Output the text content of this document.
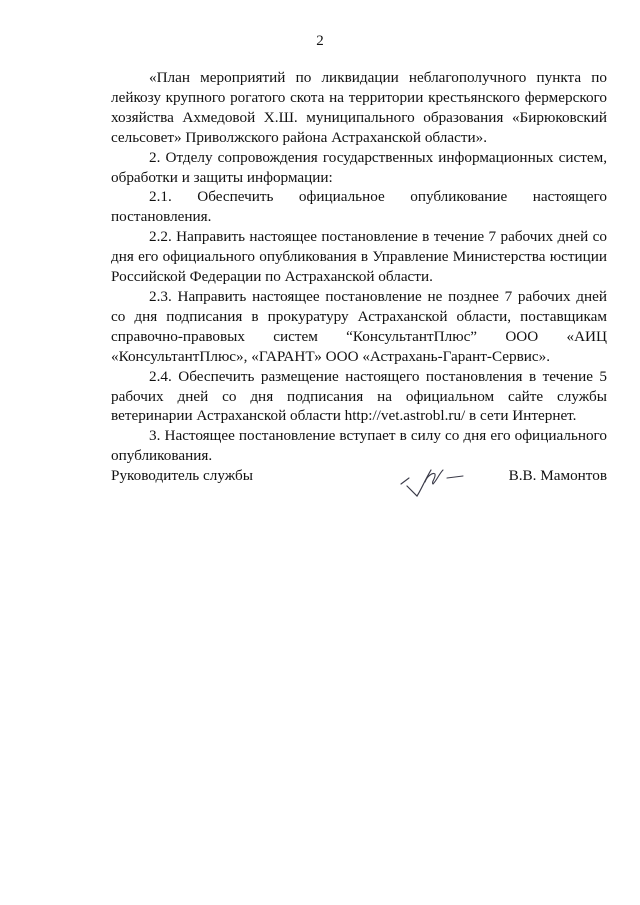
2

«План мероприятий по ликвидации неблагополучного пункта по лейкозу крупного рогатого скота на территории крестьянского фермерского хозяйства Ахмедовой Х.Ш. муниципального образования «Бирюковский сельсовет» Приволжского района Астраханской области».

2. Отделу сопровождения государственных информационных систем, обработки и защиты информации:

2.1. Обеспечить официальное опубликование настоящего постановления.

2.2. Направить настоящее постановление в течение 7 рабочих дней со дня его официального опубликования в Управление Министерства юстиции Российской Федерации по Астраханской области.

2.3. Направить настоящее постановление не позднее 7 рабочих дней со дня подписания в прокуратуру Астраханской области, поставщикам справочно-правовых систем “КонсультантПлюс” ООО «АИЦ «КонсультантПлюс», «ГАРАНТ» ООО «Астрахань-Гарант-Сервис».

2.4. Обеспечить размещение настоящего постановления в течение 5 рабочих дней со дня подписания на официальном сайте службы ветеринарии Астраханской области http://vet.astrobl.ru/ в сети Интернет.

3. Настоящее постановление вступает в силу со дня его официального опубликования.

Руководитель службы	В.В. Мамонтов
